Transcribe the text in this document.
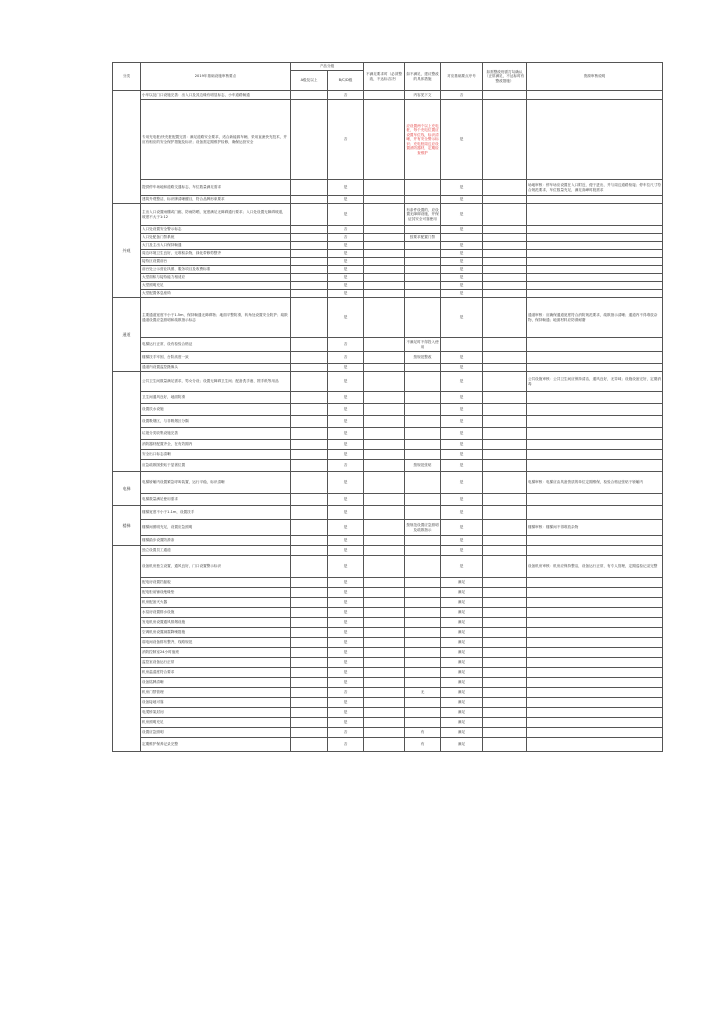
分类	2019年基础设施审核要点	产品分级		不满足要求时（必须整改，不达标否决）	如不满足，建议整改的具体措施	对应基础要点序号	如需整改则需打勾确认（正常满足，不达标时有整改措施）	资源审核说明
		A级及以上	B/C/D级					
	小车以及门口设施完善：出入口及其边缘有明显标志，小车道路畅通		否		内容见下文	否		
	专用充电桩/快充桩配置完善：满足道路安全要求，适合新能源车辆，采用直流快充技术，并应有相应的安全保护措施及标识；设备需定期维护检修，确保运营安全		否		应设置两个以上充电桩，每个充电位置应设置车位线，标识清晰，并有安全警示标识；充电桩周边应设置消防器材，定期检查维护	是		
	提供停车场地和道路交通标志，车位数量满足需求		是			是		场地审核：停车场应设置在入口附近，便于进出，并与周边道路衔接；停车位尺寸符合规范要求，车位数量充足，满足高峰时段需求
	建筑外观整洁，标识牌清晰醒目，符合品牌形象要求		是			是		
外观	主出入口设置雨棚或门廊，防雨防晒，宽度满足无障碍通行要求；入口处设置无障碍坡道，坡度不大于1:12		是		有条件设置的，应设置无障碍设施，并保证其安全可靠使用	是		
	入口处设置安全警示标志		否			是		
	入口处配备门禁系统		否		按要求配置门禁			
	大门及主出入口保持畅通		是			是		
	周边环境卫生良好，无堆积杂物，绿化带修剪整齐		是			是		
	接待区设置前台		是			是		
	前台处公示营业执照、服务项目及收费标准		是			是		
	大堂面积与接待能力相适应		是			是		
	大堂照明充足		是			是		
	大堂配置休息座椅		是			是		
通道	主要通道宽度不小于1.5m，保持畅通无障碍物；地面平整防滑，转角处设置安全防护；疏散通道设置应急照明和疏散指示标志		是			是		通道审核：应确保通道宽度符合消防规范要求，疏散指示清晰；通道内不得堆放杂物，保持畅通；地面材料应防滑耐磨
	电梯运行正常，设有检验合格证		否		不满足时不得投入使用			
	楼梯扶手牢固，台阶高度一致		否		按规范整改	是		
	通道内设置监控摄像头		是			是		
	公共卫生间数量满足需求，男女分设；设置无障碍卫生间；配备洗手液、擦手纸等用品		是			是		公共设施审核：公共卫生间应保持清洁，通风良好，无异味；设施设备完好，定期消毒
	卫生间通风良好，地面防滑		是			是		
	设置饮水设施		是			是		
	设置吸烟区，与非吸烟区分隔		是			是		
	垃圾分类收集设施完善		是			是		
	消防器材配置齐全，在有效期内		是			是		
	安全出口标志清晰		是			是		
	应急疏散图张贴于显著位置		否		按规范张贴	是		
电梯	电梯轿厢内设置紧急呼叫装置，运行平稳，标识清晰		是			是		电梯审核：电梯应由具备资质的单位定期维保，检验合格证张贴于轿厢内
	电梯数量满足使用需求		是			是		
楼梯	楼梯宽度不小于1.1m，设置扶手		是			是		
	楼梯间照明充足，设置应急照明		是		按规范设置应急照明及疏散指示	是		楼梯审核：楼梯间不得堆放杂物
	楼梯踏步设置防滑条		是			是		
	独立设置员工通道		是			是		
	设备机房独立设置，通风良好，门口设置警示标识		是			是		设备机房审核：机房应保持整洁，设备运行正常，有专人管理，定期巡检记录完整
	配电房设置挡鼠板		是			满足		
	配电柜前铺设绝缘垫		是			满足		
	机房配备灭火器		是			满足		
	水泵房设置排水设施		是			满足		
	发电机房设置通风排烟设施		是			满足		
	空调机房设置减震降噪措施		是			满足		
	弱电间设备排布整齐，线路规范		是			满足		
	消防控制室24小时值班		是			满足		
	监控室设备运行正常		是			满足		
	机房温湿度符合要求		是			满足		
	设备铭牌清晰		是			满足		
	机房门禁管理		否		无	满足		
	设备接地可靠		是			满足		
	电缆桥架封闭		是			满足		
	机房照明充足		是			满足		
	设置应急照明		否		有	满足		
	定期维护保养记录完整		否		有	满足		
